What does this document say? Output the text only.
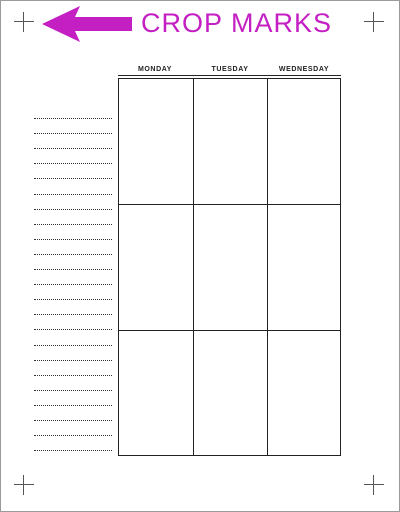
CROP MARKS
MONDAY	TUESDAY	WEDNESDAY
